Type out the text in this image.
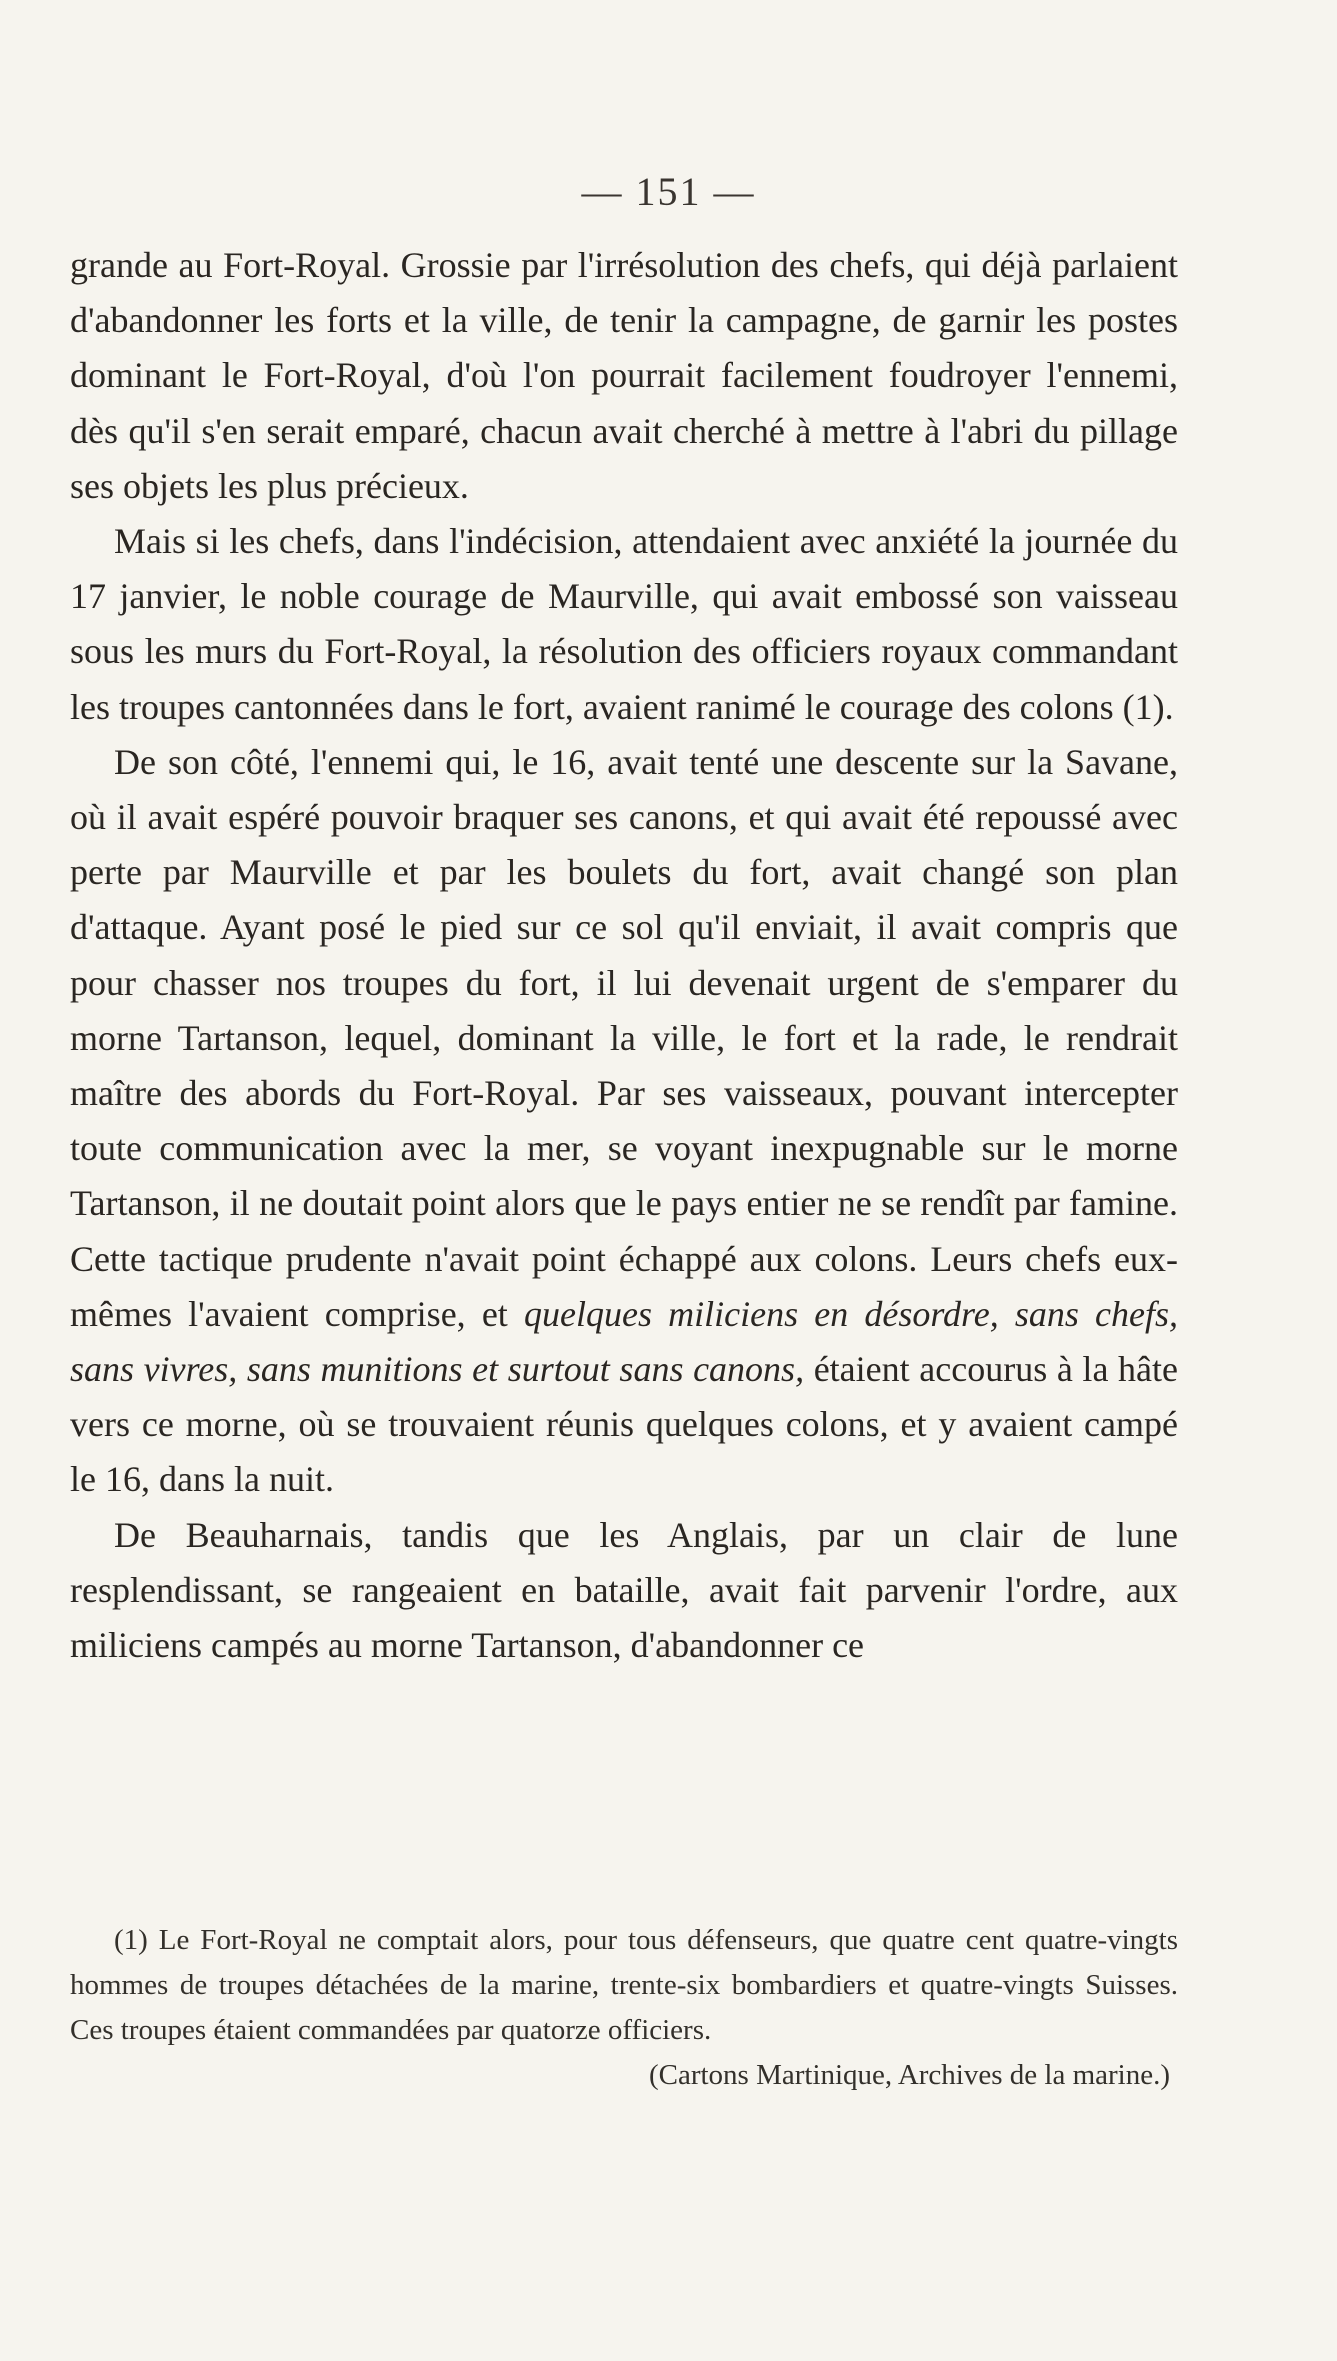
— 151 —

grande au Fort-Royal. Grossie par l'irrésolution des chefs, qui déjà parlaient d'abandonner les forts et la ville, de tenir la campagne, de garnir les postes dominant le Fort-Royal, d'où l'on pourrait facilement foudroyer l'ennemi, dès qu'il s'en serait emparé, chacun avait cherché à mettre à l'abri du pillage ses objets les plus précieux.

Mais si les chefs, dans l'indécision, attendaient avec anxiété la journée du 17 janvier, le noble courage de Maurville, qui avait embossé son vaisseau sous les murs du Fort-Royal, la résolution des officiers royaux commandant les troupes cantonnées dans le fort, avaient ranimé le courage des colons (1).

De son côté, l'ennemi qui, le 16, avait tenté une descente sur la Savane, où il avait espéré pouvoir braquer ses canons, et qui avait été repoussé avec perte par Maurville et par les boulets du fort, avait changé son plan d'attaque. Ayant posé le pied sur ce sol qu'il enviait, il avait compris que pour chasser nos troupes du fort, il lui devenait urgent de s'emparer du morne Tartanson, lequel, dominant la ville, le fort et la rade, le rendrait maître des abords du Fort-Royal. Par ses vaisseaux, pouvant intercepter toute communication avec la mer, se voyant inexpugnable sur le morne Tartanson, il ne doutait point alors que le pays entier ne se rendît par famine. Cette tactique prudente n'avait point échappé aux colons. Leurs chefs eux-mêmes l'avaient comprise, et quelques miliciens en désordre, sans chefs, sans vivres, sans munitions et surtout sans canons, étaient accourus à la hâte vers ce morne, où se trouvaient réunis quelques colons, et y avaient campé le 16, dans la nuit.

De Beauharnais, tandis que les Anglais, par un clair de lune resplendissant, se rangeaient en bataille, avait fait parvenir l'ordre, aux miliciens campés au morne Tartanson, d'abandonner ce

(1) Le Fort-Royal ne comptait alors, pour tous défenseurs, que quatre cent quatre-vingts hommes de troupes détachées de la marine, trente-six bombardiers et quatre-vingts Suisses. Ces troupes étaient commandées par quatorze officiers.

(Cartons Martinique, Archives de la marine.)
